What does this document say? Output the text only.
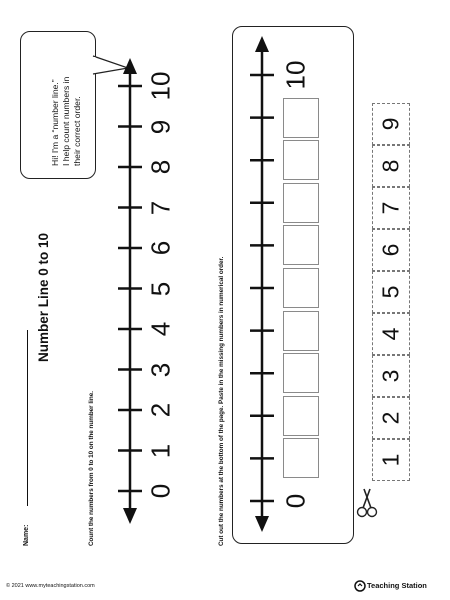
Number Line 0 to 10
Name:	Count the numbers from 0 to 10 on the number line.	Cut out the numbers at the bottom of the page. Paste in the missing numbers in numerical order.
Hi! I'm a “number line.” I help count numbers in their correct order.
0
1
2
3
4
5
6
7
8
9
10
0
10
1
2
3
4
5
6
7
8
9
© 2021 www.myteachingstation.com	Teaching Station
